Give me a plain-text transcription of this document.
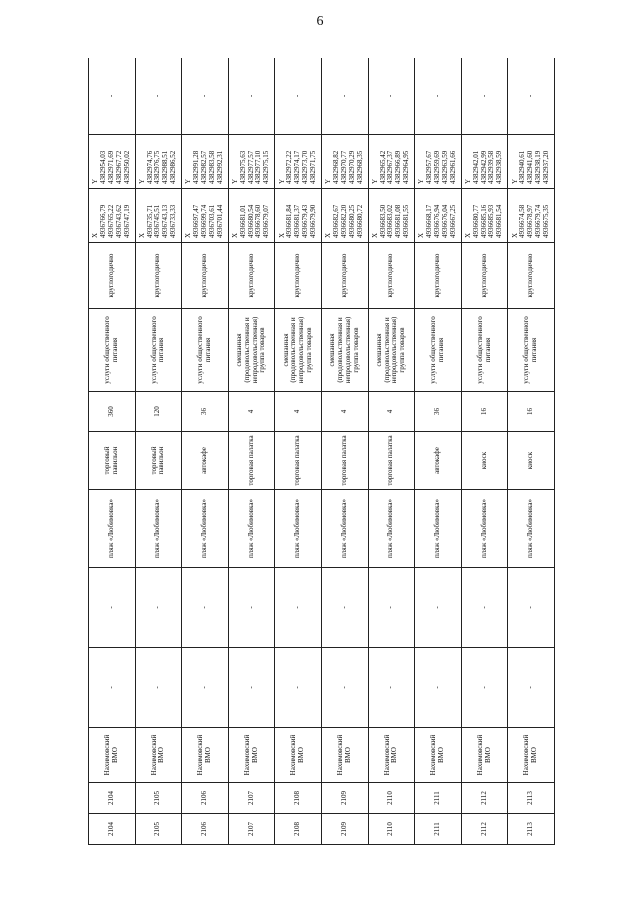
6
2104	2104	Нахимовский ВМО	-	-	пляж «Любимовка»	торговый павильон	360	услуги общественного питания	круглогодично	X 4936766,79 4936765,22 4936743,62 4936747,19	Y 4382954,03 4382971,69 4382967,72 4382950,02	-
2105	2105	Нахимовский ВМО	-	-	пляж «Любимовка»	торговый павильон	120	услуги общественного питания	круглогодично	X 4936735,71 4936745,51 4936743,13 4936733,33	Y 4382974,76 4382976,75 4382988,51 4382986,52	-
2106	2106	Нахимовский ВМО	-	-	пляж «Любимовка»	автокафе	36	услуги общественного питания	круглогодично	X 4936697,47 4936699,74 4936703,61 4936701,44	Y 4382991,28 4382982,57 4382983,58 4382992,31	-
2107	2107	Нахимовский ВМО	-	-	пляж «Любимовка»	торговая палатка	4	смешанная (продовольственная и непродовольственная) группа товаров	круглогодично	X 4936681,01 4936680,54 4936678,60 4936679,07	Y 4382975,63 4382977,57 4382977,10 4382975,15	-
2108	2108	Нахимовский ВМО	-	-	пляж «Любимовка»	торговая палатка	4	смешанная (продовольственная и непродовольственная) группа товаров	круглогодично	X 4936681,84 4936681,37 4936679,43 4936679,90	Y 4382972,22 4382974,17 4382973,70 4382971,75	-
2109	2109	Нахимовский ВМО	-	-	пляж «Любимовка»	торговая палатка	4	смешанная (продовольственная и непродовольственная) группа товаров	круглогодично	X 4936682,67 4936682,20 4936680,25 4936680,72	Y 4382968,82 4382970,77 4382970,29 4382968,35	-
2110	2110	Нахимовский ВМО	-	-	пляж «Любимовка»	торговая палатка	4	смешанная (продовольственная и непродовольственная) группа товаров	круглогодично	X 4936683,50 4936683,02 4936681,08 4936681,55	Y 4382965,42 4382967,37 4382966,89 4382964,95	-
2111	2111	Нахимовский ВМО	-	-	пляж «Любимовка»	автокафе	36	услуги общественного питания	круглогодично	X 4936668,17 4936676,94 4936676,04 4936667,25	Y 4382957,67 4382959,69 4382963,59 4382961,66	-
2112	2112	Нахимовский ВМО	-	-	пляж «Любимовка»	киоск	16	услуги общественного питания	круглогодично	X 4936680,77 4936685,16 4936685,93 4936681,54	Y 4382942,01 4382942,99 4382939,58 4382938,59	-
2113	2113	Нахимовский ВМО	-	-	пляж «Любимовка»	киоск	16	услуги общественного питания	круглогодично	X 4936674,58 4936678,97 4936679,74 4936675,35	Y 4382940,61 4382941,60 4382938,19 4382937,20	-
